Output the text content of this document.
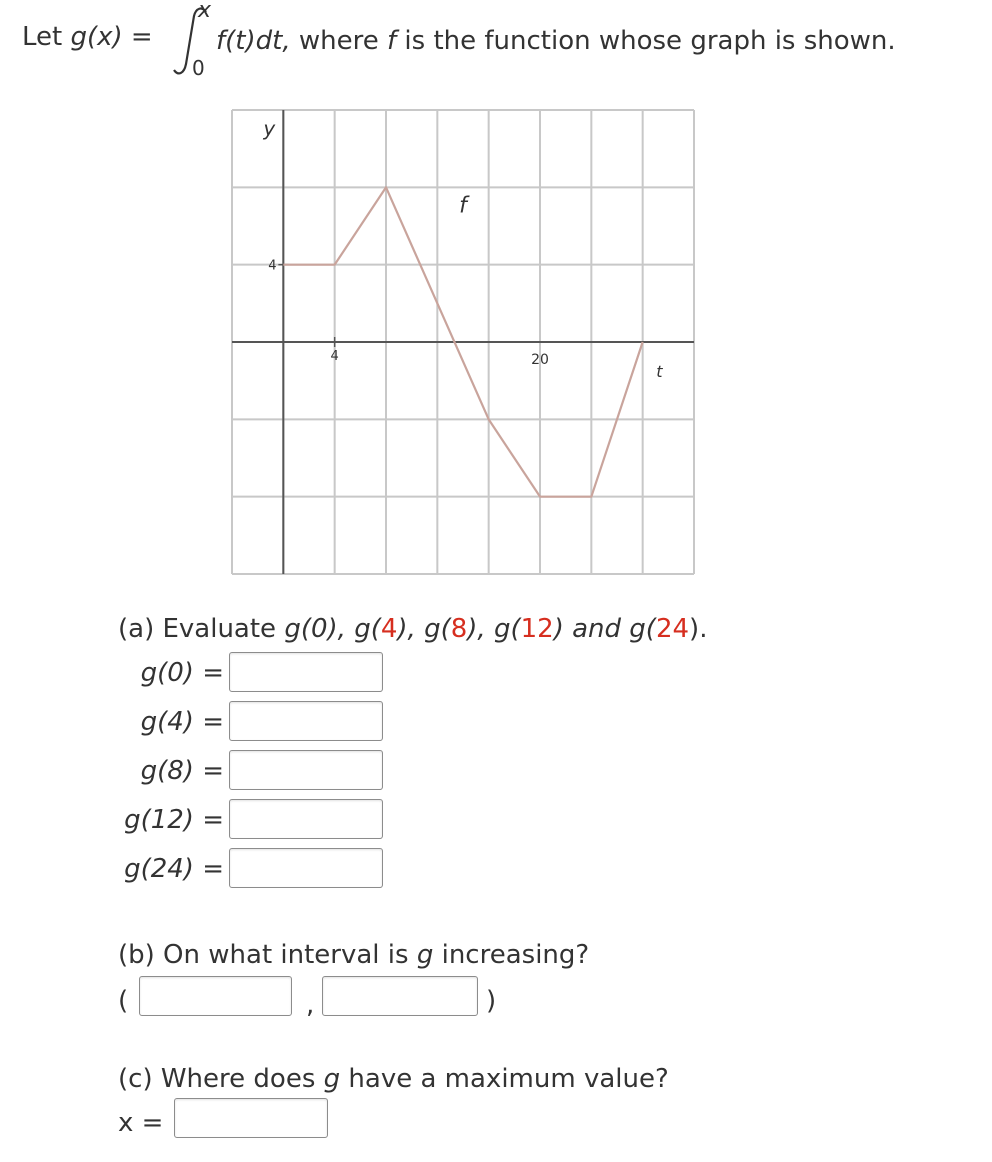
Let g(x) =
x
0
f(t)dt, where f is the function whose graph is shown.
y
t
f
4	20
4
(a) Evaluate g(0), g(4), g(8), g(12) and g(24).
g(0) =
g(4) =
g(8) =
g(12) =
g(24) =
(b) On what interval is g increasing?
(	,	)
(c) Where does g have a maximum value?
x =
